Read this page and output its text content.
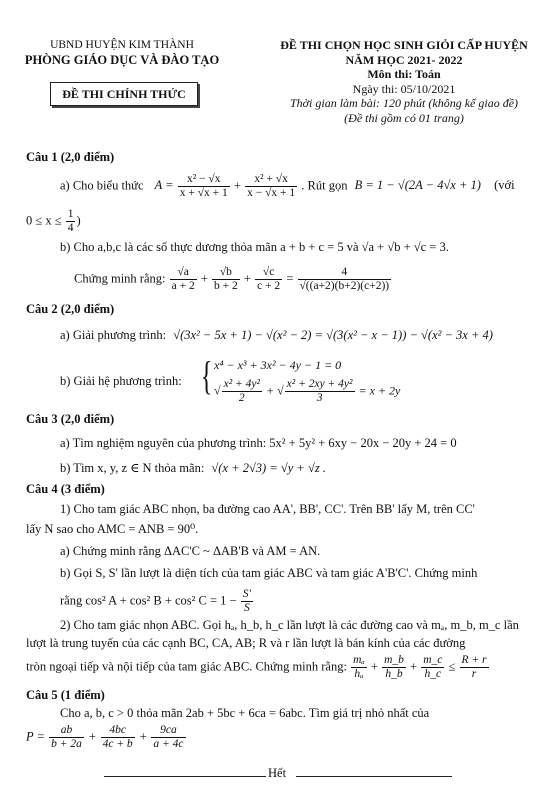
UBND HUYỆN KIM THÀNH
PHÒNG GIÁO DỤC VÀ ĐÀO TẠO
ĐỀ THI CHÍNH THỨC
ĐỀ THI CHỌN HỌC SINH GIỎI CẤP HUYỆN
NĂM HỌC 2021- 2022
Môn thi: Toán
Ngày thi: 05/10/2021
Thời gian làm bài: 120 phút (không kể giao đề)
(Đề thi gồm có 01 trang)
Câu 1 (2,0 điểm)
a) Cho biểu thức $A = \frac{\text{x² − √x}}{x + √x + 1} + \frac{\text{x² + √x}}{x - √x + 1}$ . Rút gọn B = 1 − √(2A − 4√x + 1) (với
$0 \le x \le \frac{1}{4}$ )
b) Cho a,b,c là các số thực dương thỏa mãn a + b + c = 5 và √a + √b + √c = 3.
Chứng minh rằng: $\frac{√a}{a + 2} + \frac{√b}{b + 2} + \frac{√c}{c + 2} = \frac{4}{√((a+2)(b+2)(c+2))}$
Câu 2 (2,0 điểm)
a) Giải phương trình: √(3x² − 5x + 1) − √(x² − 2) = √(3(x² − x − 1)) − √(x² − 3x + 4)
b) Giải hệ phương trình: { x⁴ − x³ + 3x² − 4y − 1 = 0
√ $\frac{\text{x² + 4y²}}{2}$ + √ $\frac{\text{x² + 2xy + 4y²}}{3} = x + 2y$
Câu 3 (2,0 điểm)
a) Tìm nghiệm nguyên của phương trình: 5x² + 5y² + 6xy − 20x − 20y + 24 = 0
b) Tìm x, y, z ∈ N thỏa mãn: √(x + 2√3) = √y + √z .
Câu 4 (3 điểm)
1) Cho tam giác ABC nhọn, ba đường cao AA', BB', CC'. Trên BB' lấy M, trên CC'
lấy N sao cho AMC = ANB = 90⁰.
a) Chứng minh rằng ΔAC'C ~ ΔAB'B và AM = AN.
b) Gọi S, S' lần lượt là diện tích của tam giác ABC và tam giác A'B'C'. Chứng minh
rằng cos² A + cos² B + cos² $C = 1 - \frac{S'}{S}$
2) Cho tam giác nhọn ABC. Gọi hₐ, h_b, h_c lần lượt là các đường cao và mₐ, m_b, m_c lần
lượt là trung tuyến của các cạnh BC, CA, AB; R và r lần lượt là bán kính của các đường
tròn ngoại tiếp và nội tiếp của tam giác ABC. Chứng minh rằng: $\frac{\text{mₐ}}{\text{hₐ}} + \frac{m\_b}{h\_b} + \frac{m\_c}{h\_c} \le \frac{R + r}{r}$
Câu 5 (1 điểm)
Cho a, b, c > 0 thỏa mãn 2ab + 5bc + 6ca = 6abc. Tìm giá trị nhỏ nhất của
$P = \frac{ab}{b + 2a} + \frac{4bc}{4c + b} + \frac{9ca}{a + 4c}$
Hết
